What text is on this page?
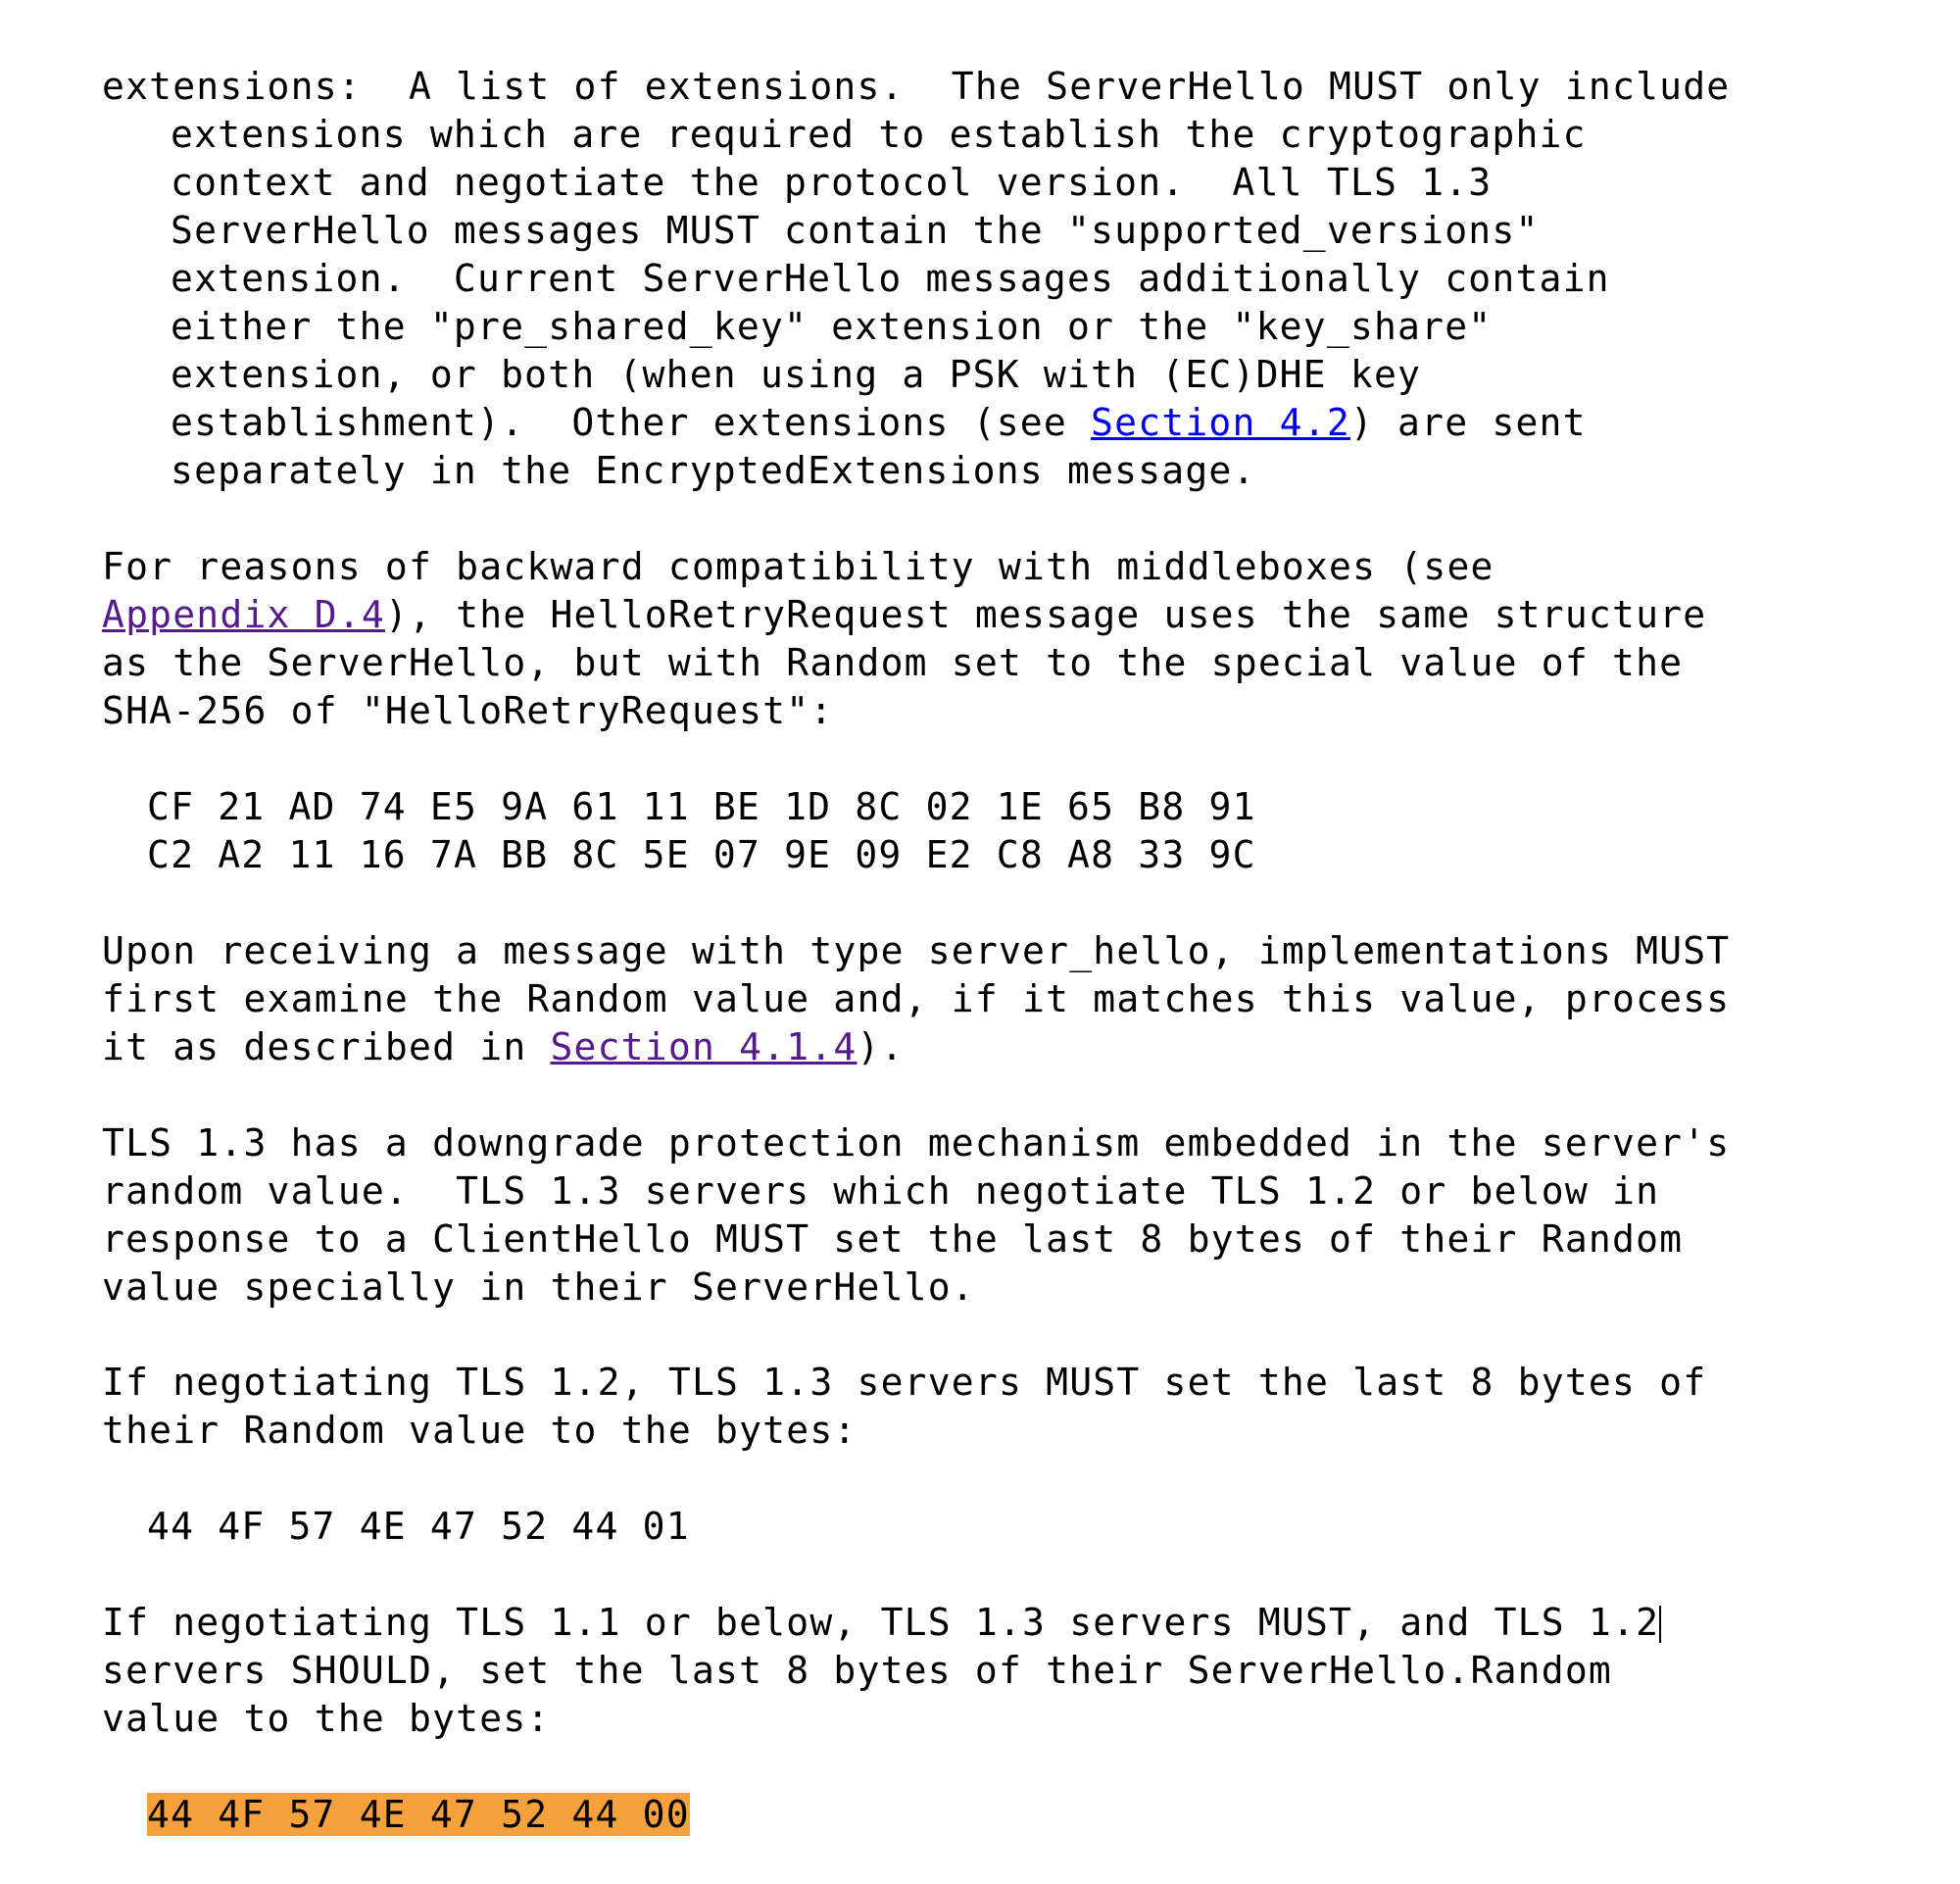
extensions:  A list of extensions.  The ServerHello MUST only include
extensions which are required to establish the cryptographic
context and negotiate the protocol version.  All TLS 1.3
ServerHello messages MUST contain the "supported_versions"
extension.  Current ServerHello messages additionally contain
either the "pre_shared_key" extension or the "key_share"
extension, or both (when using a PSK with (EC)DHE key
establishment).  Other extensions (see Section 4.2) are sent
separately in the EncryptedExtensions message.
For reasons of backward compatibility with middleboxes (see
Appendix D.4), the HelloRetryRequest message uses the same structure
as the ServerHello, but with Random set to the special value of the
SHA-256 of "HelloRetryRequest":
CF 21 AD 74 E5 9A 61 11 BE 1D 8C 02 1E 65 B8 91
C2 A2 11 16 7A BB 8C 5E 07 9E 09 E2 C8 A8 33 9C
Upon receiving a message with type server_hello, implementations MUST
first examine the Random value and, if it matches this value, process
it as described in Section 4.1.4).
TLS 1.3 has a downgrade protection mechanism embedded in the server's
random value.  TLS 1.3 servers which negotiate TLS 1.2 or below in
response to a ClientHello MUST set the last 8 bytes of their Random
value specially in their ServerHello.
If negotiating TLS 1.2, TLS 1.3 servers MUST set the last 8 bytes of
their Random value to the bytes:
44 4F 57 4E 47 52 44 01
If negotiating TLS 1.1 or below, TLS 1.3 servers MUST, and TLS 1.2
servers SHOULD, set the last 8 bytes of their ServerHello.Random
value to the bytes:
44 4F 57 4E 47 52 44 00
